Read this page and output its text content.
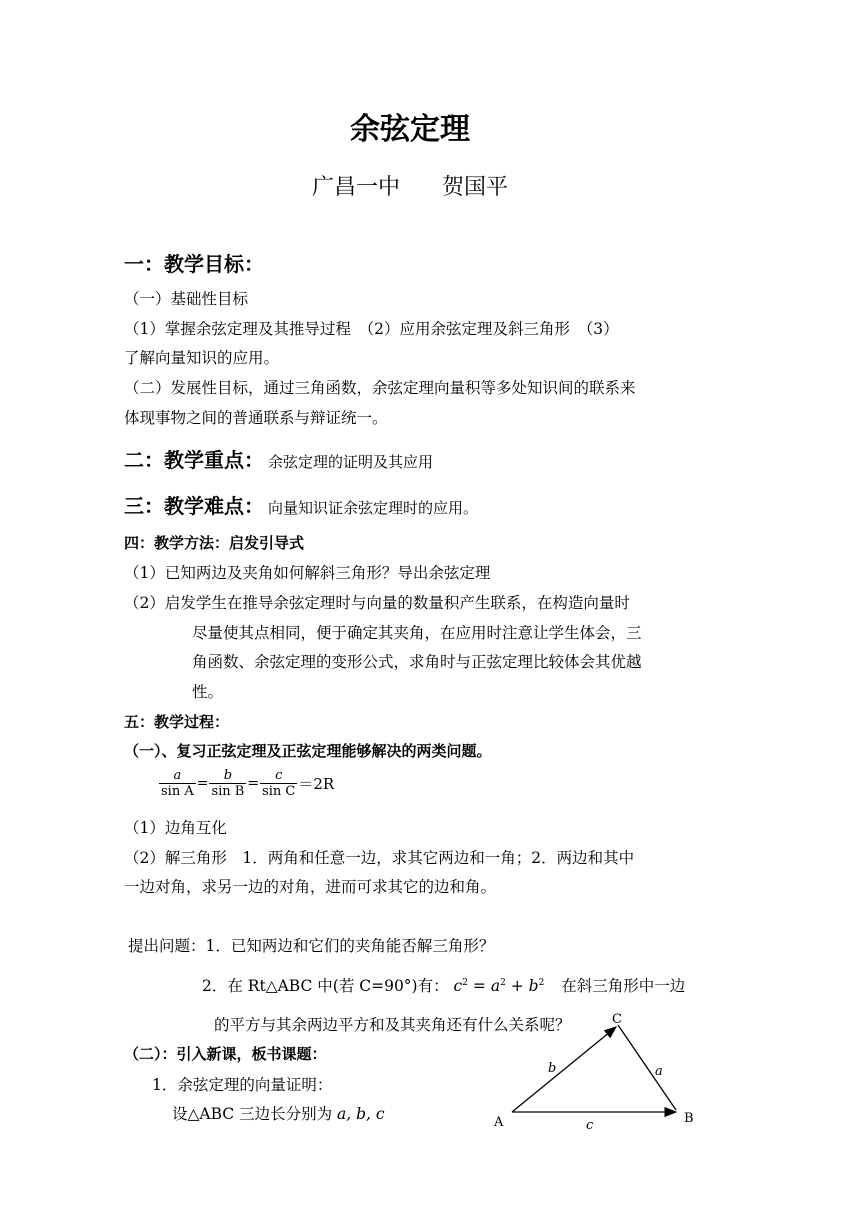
余弦定理
广昌一中 贺国平
一：教学目标：
（一）基础性目标
（1）掌握余弦定理及其推导过程　（2）应用余弦定理及斜三角形　（3）
了解向量知识的应用。
（二）发展性目标，通过三角函数，余弦定理向量积等多处知识间的联系来
体现事物之间的普通联系与辩证统一。
二：教学重点： 余弦定理的证明及其应用
三：教学难点： 向量知识证余弦定理时的应用。
四：教学方法：启发引导式
（1）已知两边及夹角如何解斜三角形？导出余弦定理
（2）启发学生在推导余弦定理时与向量的数量积产生联系，在构造向量时
尽量使其点相同，便于确定其夹角，在应用时注意让学生体会，三
角函数、余弦定理的变形公式，求角时与正弦定理比较体会其优越
性。
五：教学过程：
（一）、复习正弦定理及正弦定理能够解决的两类问题。
$\frac{a}{\text{sin A}} = \frac{b}{\text{sin B}} = \frac{c}{\text{sin C}} =2R$
（1）边角互化
（2）解三角形　1．两角和任意一边，求其它两边和一角；2．两边和其中
一边对角，求另一边的对角，进而可求其它的边和角。
提出问题：1．已知两边和它们的夹角能否解三角形？
2．在 Rt△ABC 中(若 C=90°)有： $c^2 = a^2 + b^2$ 在斜三角形中一边
的平方与其余两边平方和及其夹角还有什么关系呢？
（二）：引入新课，板书课题：
1．余弦定理的向量证明：
设△ABC 三边长分别为 a, b, c	A	B
C
b	a
c
